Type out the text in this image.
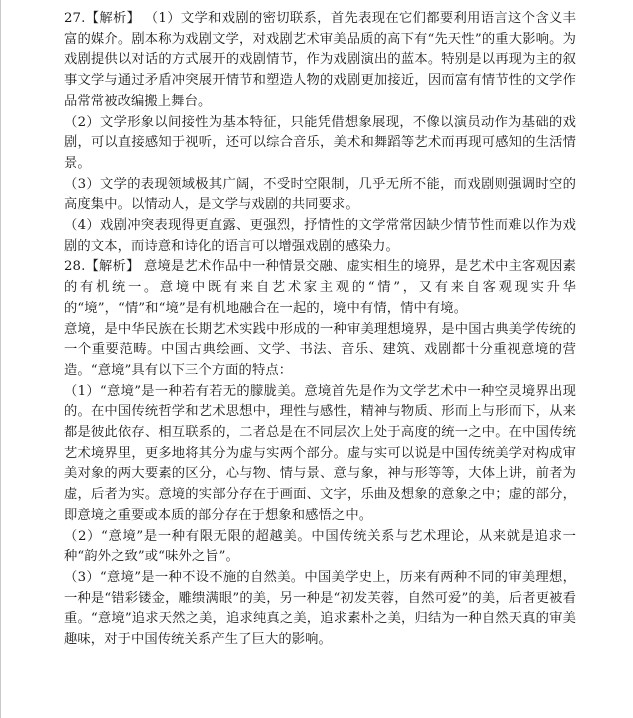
27.【解析】 （1）文学和戏剧的密切联系，首先表现在它们都要利用语言这个含义丰富的媒介。剧本称为戏剧文学，对戏剧艺术审美品质的高下有“先天性”的重大影响。为戏剧提供以对话的方式展开的戏剧情节，作为戏剧演出的蓝本。特别是以再现为主的叙事文学与通过矛盾冲突展开情节和塑造人物的戏剧更加接近，因而富有情节性的文学作品常常被改编搬上舞台。

（2）文学形象以间接性为基本特征，只能凭借想象展现，不像以演员动作为基础的戏剧，可以直接感知于视听，还可以综合音乐，美术和舞蹈等艺术而再现可感知的生活情景。

（3）文学的表现领域极其广阔，不受时空限制，几乎无所不能，而戏剧则强调时空的高度集中。以情动人，是文学与戏剧的共同要求。

（4）戏剧冲突表现得更直露、更强烈，抒情性的文学常常因缺少情节性而难以作为戏剧的文本，而诗意和诗化的语言可以增强戏剧的感染力。

28.【解析】 意境是艺术作品中一种情景交融、虚实相生的境界，是艺术中主客观因素的有机统一。意境中既有来自艺术家主观的“情”，又有来自客观现实升华的“境”，“情”和“境”是有机地融合在一起的，境中有情，情中有境。

意境，是中华民族在长期艺术实践中形成的一种审美理想境界，是中国古典美学传统的一个重要范畴。中国古典绘画、文学、书法、音乐、建筑、戏剧都十分重视意境的营造。“意境”具有以下三个方面的特点：

（1）“意境”是一种若有若无的朦胧美。意境首先是作为文学艺术中一种空灵境界出现的。在中国传统哲学和艺术思想中，理性与感性，精神与物质、形而上与形而下，从来都是彼此依存、相互联系的，二者总是在不同层次上处于高度的统一之中。在中国传统艺术境界里，更多地将其分为虚与实两个部分。虚与实可以说是中国传统美学对构成审美对象的两大要素的区分，心与物、情与景、意与象，神与形等等，大体上讲，前者为虚，后者为实。意境的实部分存在于画面、文字，乐曲及想象的意象之中；虚的部分，即意境之重要或本质的部分存在于想象和感悟之中。

（2）“意境”是一种有限无限的超越美。中国传统关系与艺术理论，从来就是追求一种“韵外之致”或“味外之旨”。

（3）“意境”是一种不设不施的自然美。中国美学史上，历来有两种不同的审美理想，一种是“错彩镂金，雕缋满眼”的美，另一种是“初发芙蓉，自然可爱”的美，后者更被看重。“意境”追求天然之美，追求纯真之美，追求素朴之美，归结为一种自然天真的审美趣味，对于中国传统关系产生了巨大的影响。
